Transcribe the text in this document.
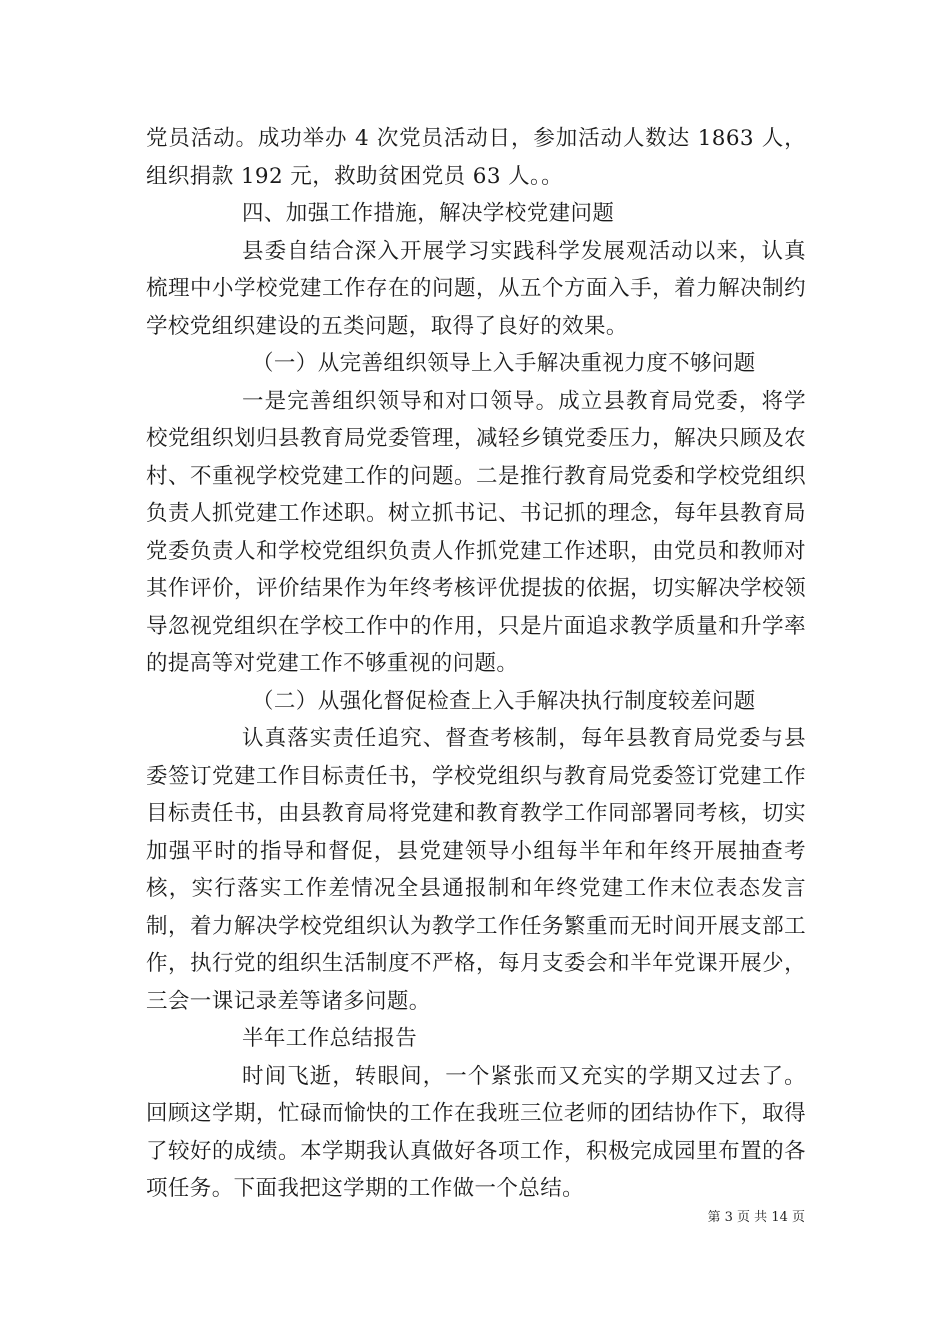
党员活动。成功举办 4 次党员活动日，参加活动人数达 1863 人，组织捐款 192 元，救助贫困党员 63 人。。

四、加强工作措施，解决学校党建问题

县委自结合深入开展学习实践科学发展观活动以来，认真梳理中小学校党建工作存在的问题，从五个方面入手，着力解决制约学校党组织建设的五类问题，取得了良好的效果。

（一）从完善组织领导上入手解决重视力度不够问题

一是完善组织领导和对口领导。成立县教育局党委，将学校党组织划归县教育局党委管理，减轻乡镇党委压力，解决只顾及农村、不重视学校党建工作的问题。二是推行教育局党委和学校党组织负责人抓党建工作述职。树立抓书记、书记抓的理念，每年县教育局党委负责人和学校党组织负责人作抓党建工作述职，由党员和教师对其作评价，评价结果作为年终考核评优提拔的依据，切实解决学校领导忽视党组织在学校工作中的作用，只是片面追求教学质量和升学率的提高等对党建工作不够重视的问题。

（二）从强化督促检查上入手解决执行制度较差问题

认真落实责任追究、督查考核制，每年县教育局党委与县委签订党建工作目标责任书，学校党组织与教育局党委签订党建工作目标责任书，由县教育局将党建和教育教学工作同部署同考核，切实加强平时的指导和督促，县党建领导小组每半年和年终开展抽查考核，实行落实工作差情况全县通报制和年终党建工作末位表态发言制，着力解决学校党组织认为教学工作任务繁重而无时间开展支部工作，执行党的组织生活制度不严格，每月支委会和半年党课开展少，三会一课记录差等诸多问题。

半年工作总结报告

时间飞逝，转眼间，一个紧张而又充实的学期又过去了。回顾这学期，忙碌而愉快的工作在我班三位老师的团结协作下，取得了较好的成绩。本学期我认真做好各项工作，积极完成园里布置的各项任务。下面我把这学期的工作做一个总结。

第 3 页 共 14 页
